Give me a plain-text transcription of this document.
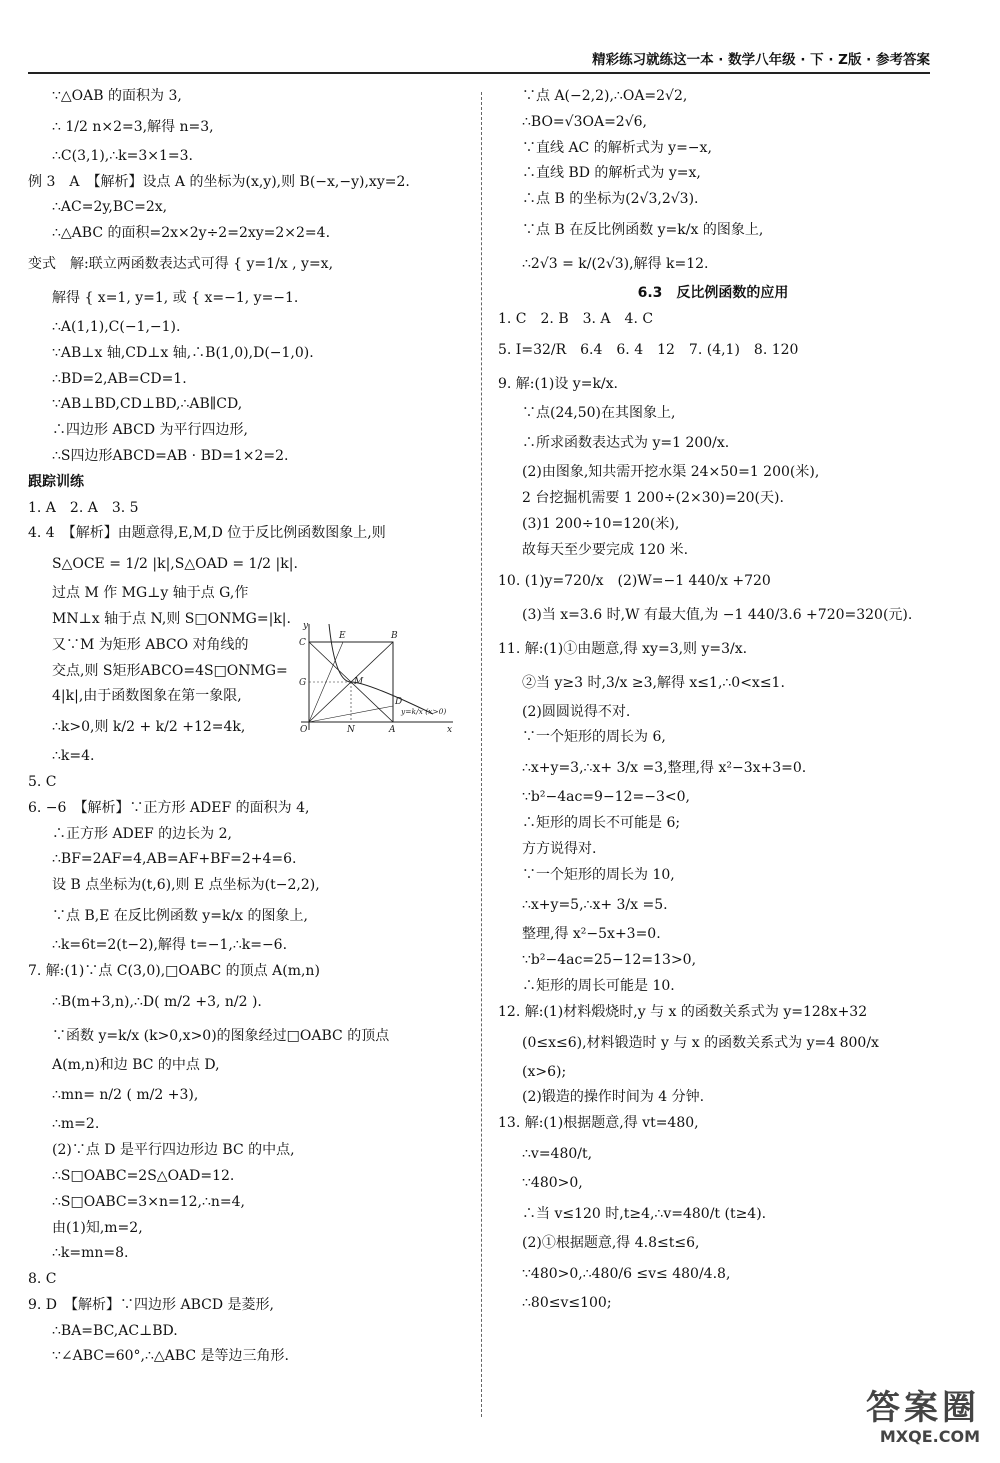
精彩练习就练这一本 · 数学八年级 · 下 · Z版 · 参考答案
∵△OAB 的面积为 3,
∴ 1/2 n×2=3,解得 n=3,
∴C(3,1),∴k=3×1=3.
例 3　A　【解析】设点 A 的坐标为(x,y),则 B(−x,−y),xy=2.
∴AC=2y,BC=2x,
∴△ABC 的面积=2x×2y÷2=2xy=2×2=4.
变式　解:联立两函数表达式可得 { y=1/x , y=x,
解得 { x=1, y=1, 或 { x=−1, y=−1.
∴A(1,1),C(−1,−1).
∵AB⊥x 轴,CD⊥x 轴,∴B(1,0),D(−1,0).
∴BD=2,AB=CD=1.
∵AB⊥BD,CD⊥BD,∴AB∥CD,
∴四边形 ABCD 为平行四边形,
∴S四边形ABCD=AB · BD=1×2=2.
跟踪训练
1. A　2. A　3. 5
4. 4　【解析】由题意得,E,M,D 位于反比例函数图象上,则
S△OCE = 1/2 |k|,S△OAD = 1/2 |k|.
过点 M 作 MG⊥y 轴于点 G,作
MN⊥x 轴于点 N,则 S□ONMG=|k|.
又∵M 为矩形 ABCO 对角线的
交点,则 S矩形ABCO=4S□ONMG=
4|k|,由于函数图象在第一象限,
∴k>0,则 k/2 + k/2 +12=4k,
∴k=4.
5. C
6. −6　【解析】∵正方形 ADEF 的面积为 4,
∴正方形 ADEF 的边长为 2,
∴BF=2AF=4,AB=AF+BF=2+4=6.
设 B 点坐标为(t,6),则 E 点坐标为(t−2,2),
∵点 B,E 在反比例函数 y=k/x 的图象上,
∴k=6t=2(t−2),解得 t=−1,∴k=−6.
7. 解:(1)∵点 C(3,0),□OABC 的顶点 A(m,n)
∴B(m+3,n),∴D( m/2 +3, n/2 ).
∵函数 y=k/x (k>0,x>0)的图象经过□OABC 的顶点
A(m,n)和边 BC 的中点 D,
∴mn= n/2 ( m/2 +3),
∴m=2.
(2)∵点 D 是平行四边形边 BC 的中点,
∴S□OABC=2S△OAD=12.
∴S□OABC=3×n=12,∴n=4,
由(1)知,m=2,
∴k=mn=8.
8. C
9. D　【解析】∵四边形 ABCD 是菱形,
∴BA=BC,AC⊥BD.
∵∠ABC=60°,∴△ABC 是等边三角形.
∵点 A(−2,2),∴OA=2√2,
∴BO=√3OA=2√6,
∵直线 AC 的解析式为 y=−x,
∴直线 BD 的解析式为 y=x,
∴点 B 的坐标为(2√3,2√3).
∵点 B 在反比例函数 y=k/x 的图象上,
∴2√3 = k/(2√3),解得 k=12.
6.3　反比例函数的应用
1. C　2. B　3. A　4. C
5. I=32/R　6.4　6. 4　12　7. (4,1)　8. 120
9. 解:(1)设 y=k/x.
∵点(24,50)在其图象上,
∴所求函数表达式为 y=1 200/x.
(2)由图象,知共需开挖水渠 24×50=1 200(米),
2 台挖掘机需要 1 200÷(2×30)=20(天).
(3)1 200÷10=120(米),
故每天至少要完成 120 米.
10. (1)y=720/x　(2)W=−1 440/x +720
(3)当 x=3.6 时,W 有最大值,为 −1 440/3.6 +720=320(元).
11. 解:(1)①由题意,得 xy=3,则 y=3/x.
②当 y≥3 时,3/x ≥3,解得 x≤1,∴0<x≤1.
(2)圆圆说得不对.
∵一个矩形的周长为 6,
∴x+y=3,∴x+ 3/x =3,整理,得 x²−3x+3=0.
∵b²−4ac=9−12=−3<0,
∴矩形的周长不可能是 6;
方方说得对.
∵一个矩形的周长为 10,
∴x+y=5,∴x+ 3/x =5.
整理,得 x²−5x+3=0.
∵b²−4ac=25−12=13>0,
∴矩形的周长可能是 10.
12. 解:(1)材料煅烧时,y 与 x 的函数关系式为 y=128x+32
(0≤x≤6),材料锻造时 y 与 x 的函数关系式为 y=4 800/x
(x>6);
(2)锻造的操作时间为 4 分钟.
13. 解:(1)根据题意,得 vt=480,
∴v=480/t,
∵480>0,
∴当 v≤120 时,t≥4,∴v=480/t (t≥4).
(2)①根据题意,得 4.8≤t≤6,
∵480>0,∴480/6 ≤v≤ 480/4.8,
∴80≤v≤100;
y
C
E	B
G	M
D
O	N	A	x
y=k/x (x>0)
答案圈
MXQE.COM
